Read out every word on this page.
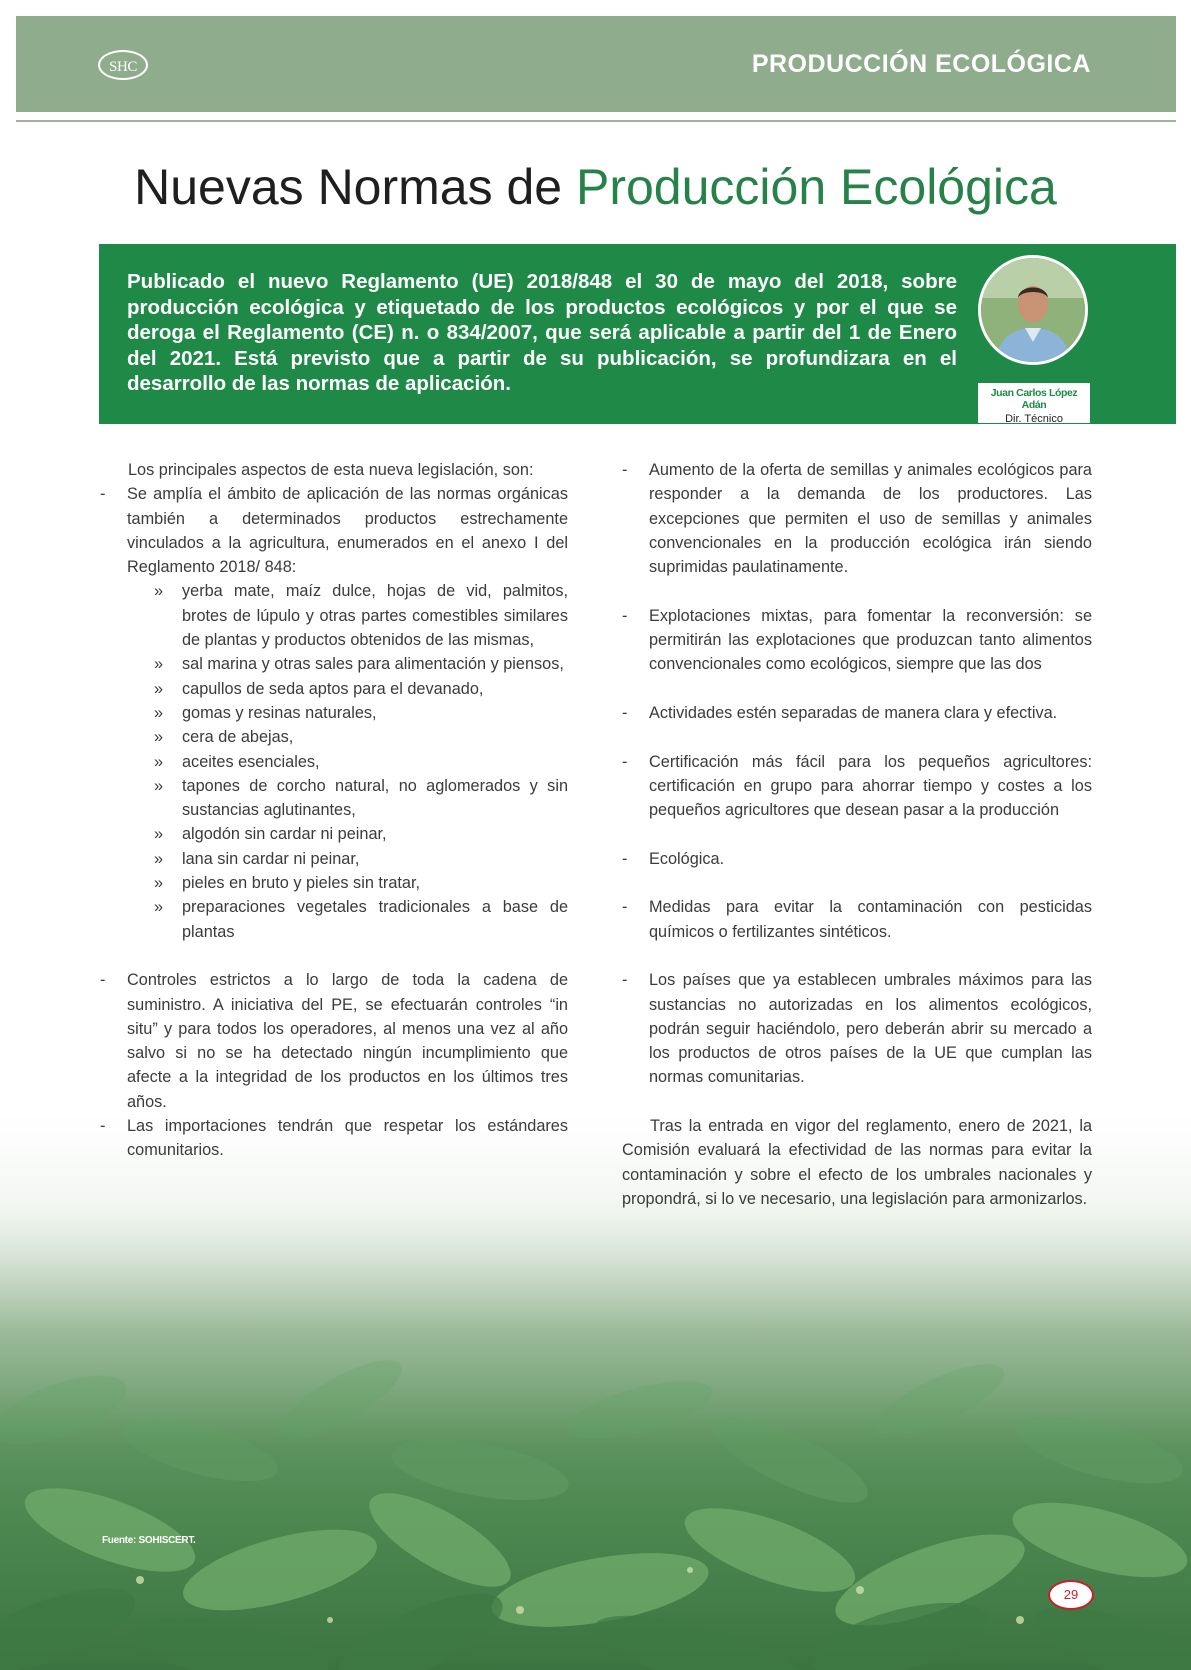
SHC	PRODUCCIÓN ECOLÓGICA
Nuevas Normas de Producción Ecológica

Publicado el nuevo Reglamento (UE) 2018/848 el 30 de mayo del 2018, sobre producción ecológica y etiquetado de los productos ecológicos y por el que se deroga el Reglamento (CE) n. o 834/2007, que será aplicable a partir del 1 de Enero del 2021. Está previsto que a partir de su publicación, se profundizara en el desarrollo de las normas de aplicación.	Juan Carlos López Adán
Dir. Técnico

Los principales aspectos de esta nueva legislación, son:

- Se amplía el ámbito de aplicación de las normas orgánicas también a determinados productos estrechamente vinculados a la agricultura, enumerados en el anexo I del Reglamento 2018/ 848:

» yerba mate, maíz dulce, hojas de vid, palmitos, brotes de lúpulo y otras partes comestibles similares de plantas y productos obtenidos de las mismas,
» sal marina y otras sales para alimentación y piensos,
» capullos de seda aptos para el devanado,
» gomas y resinas naturales,
» cera de abejas,
» aceites esenciales,
» tapones de corcho natural, no aglomerados y sin sustancias aglutinantes,
» algodón sin cardar ni peinar,
» lana sin cardar ni peinar,
» pieles en bruto y pieles sin tratar,
» preparaciones vegetales tradicionales a base de plantas

- Controles estrictos a lo largo de toda la cadena de suministro. A iniciativa del PE, se efectuarán controles “in situ” y para todos los operadores, al menos una vez al año salvo si no se ha detectado ningún incumplimiento que afecte a la integridad de los productos en los últimos tres años.

- Las importaciones tendrán que respetar los estándares comunitarios.

- Aumento de la oferta de semillas y animales ecológicos para responder a la demanda de los productores. Las excepciones que permiten el uso de semillas y animales convencionales en la producción ecológica irán siendo suprimidas paulatinamente.

- Explotaciones mixtas, para fomentar la reconversión: se permitirán las explotaciones que produzcan tanto alimentos convencionales como ecológicos, siempre que las dos

- Actividades estén separadas de manera clara y efectiva.

- Certificación más fácil para los pequeños agricultores: certificación en grupo para ahorrar tiempo y costes a los pequeños agricultores que desean pasar a la producción

- Ecológica.

- Medidas para evitar la contaminación con pesticidas químicos o fertilizantes sintéticos.

- Los países que ya establecen umbrales máximos para las sustancias no autorizadas en los alimentos ecológicos, podrán seguir haciéndolo, pero deberán abrir su mercado a los productos de otros países de la UE que cumplan las normas comunitarias.

Tras la entrada en vigor del reglamento, enero de 2021, la Comisión evaluará la efectividad de las normas para evitar la contaminación y sobre el efecto de los umbrales nacionales y propondrá, si lo ve necesario, una legislación para armonizarlos.

Fuente: SOHISCERT.
29
